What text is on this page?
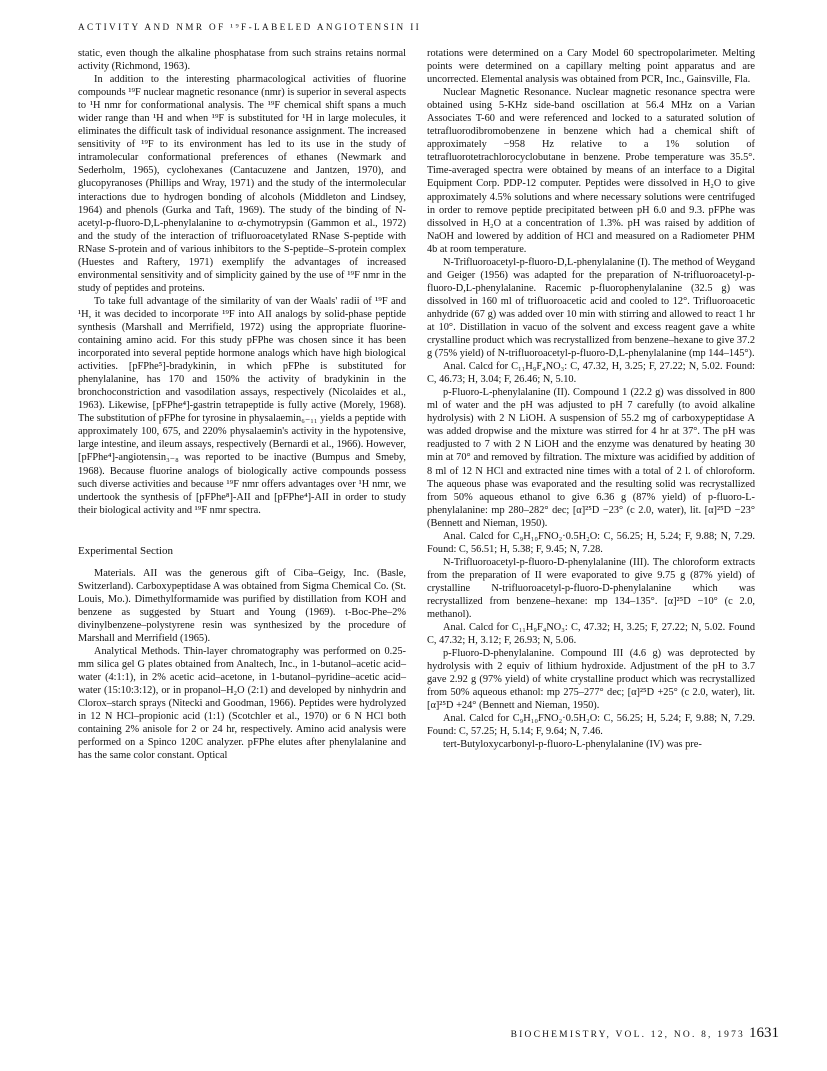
ACTIVITY AND NMR OF ¹⁹F-LABELED ANGIOTENSIN II

static, even though the alkaline phosphatase from such strains retains normal activity (Richmond, 1963).

In addition to the interesting pharmacological activities of fluorine compounds ¹⁹F nuclear magnetic resonance (nmr) is superior in several aspects to ¹H nmr for conformational analysis. The ¹⁹F chemical shift spans a much wider range than ¹H and when ¹⁹F is substituted for ¹H in large molecules, it eliminates the difficult task of individual resonance assignment. The increased sensitivity of ¹⁹F to its environment has led to its use in the study of intramolecular conformational preferences of ethanes (Newmark and Sederholm, 1965), cyclohexanes (Cantacuzene and Jantzen, 1970), and glucopyranoses (Phillips and Wray, 1971) and the study of the intermolecular interactions due to hydrogen bonding of alcohols (Middleton and Lindsey, 1964) and phenols (Gurka and Taft, 1969). The study of the binding of N-acetyl-p-fluoro-D,L-phenylalanine to α-chymotrypsin (Gammon et al., 1972) and the study of the interaction of trifluoroacetylated RNase S-peptide with RNase S-protein and of various inhibitors to the S-peptide–S-protein complex (Huestes and Raftery, 1971) exemplify the advantages of increased environmental sensitivity and of simplicity gained by the use of ¹⁹F nmr in the study of peptides and proteins.

To take full advantage of the similarity of van der Waals' radii of ¹⁹F and ¹H, it was decided to incorporate ¹⁹F into AII analogs by solid-phase peptide synthesis (Marshall and Merrifield, 1972) using the appropriate fluorine-containing amino acid. For this study pFPhe was chosen since it has been incorporated into several peptide hormone analogs which have high biological activities. [pFPhe⁵]-bradykinin, in which pFPhe is substituted for phenylalanine, has 170 and 150% the activity of bradykinin in the bronchoconstriction and vasodilation assays, respectively (Nicolaides et al., 1963). Likewise, [pFPhe⁴]-gastrin tetrapeptide is fully active (Morely, 1968). The substitution of pFPhe for tyrosine in physalaemin₆₋₁₁ yields a peptide with approximately 100, 675, and 220% physalaemin's activity in the hypotensive, large intestine, and ileum assays, respectively (Bernardi et al., 1966). However, [pFPhe⁴]-angiotensin₃₋₈ was reported to be inactive (Bumpus and Smeby, 1968). Because fluorine analogs of biologically active compounds possess such diverse activities and because ¹⁹F nmr offers advantages over ¹H nmr, we undertook the synthesis of [pFPhe⁸]-AII and [pFPhe⁴]-AII in order to study their biological activity and ¹⁹F nmr spectra.

Experimental Section

Materials. AII was the generous gift of Ciba–Geigy, Inc. (Basle, Switzerland). Carboxypeptidase A was obtained from Sigma Chemical Co. (St. Louis, Mo.). Dimethylformamide was purified by distillation from KOH and benzene as suggested by Stuart and Young (1969). t-Boc-Phe–2% divinylbenzene–polystyrene resin was synthesized by the procedure of Marshall and Merrifield (1965).

Analytical Methods. Thin-layer chromatography was performed on 0.25-mm silica gel G plates obtained from Analtech, Inc., in 1-butanol–acetic acid–water (4:1:1), in 2% acetic acid–acetone, in 1-butanol–pyridine–acetic acid–water (15:10:3:12), or in propanol–H₂O (2:1) and developed by ninhydrin and Clorox–starch sprays (Nitecki and Goodman, 1966). Peptides were hydrolyzed in 12 N HCl–propionic acid (1:1) (Scotchler et al., 1970) or 6 N HCl both containing 2% anisole for 2 or 24 hr, respectively. Amino acid analysis were performed on a Spinco 120C analyzer. pFPhe elutes after phenylalanine and has the same color constant. Optical

rotations were determined on a Cary Model 60 spectropolarimeter. Melting points were determined on a capillary melting point apparatus and are uncorrected. Elemental analysis was obtained from PCR, Inc., Gainsville, Fla.

Nuclear Magnetic Resonance. Nuclear magnetic resonance spectra were obtained using 5-KHz side-band oscillation at 56.4 MHz on a Varian Associates T-60 and were referenced and locked to a saturated solution of tetrafluorodibromobenzene in benzene which had a chemical shift of approximately −958 Hz relative to a 1% solution of tetrafluorotetrachlorocyclobutane in benzene. Probe temperature was 35.5°. Time-averaged spectra were obtained by means of an interface to a Digital Equipment Corp. PDP-12 computer. Peptides were dissolved in H₂O to give approximately 4.5% solutions and where necessary solutions were centrifuged in order to remove peptide precipitated between pH 6.0 and 9.3. pFPhe was dissolved in H₂O at a concentration of 1.3%. pH was raised by addition of NaOH and lowered by addition of HCl and measured on a Radiometer PHM 4b at room temperature.

N-Trifluoroacetyl-p-fluoro-D,L-phenylalanine (I). The method of Weygand and Geiger (1956) was adapted for the preparation of N-trifluoroacetyl-p-fluoro-D,L-phenylalanine. Racemic p-fluorophenylalanine (32.5 g) was dissolved in 160 ml of trifluoroacetic acid and cooled to 12°. Trifluoroacetic anhydride (67 g) was added over 10 min with stirring and allowed to react 1 hr at 10°. Distillation in vacuo of the solvent and excess reagent gave a white crystalline product which was recrystallized from benzene–hexane to give 37.2 g (75% yield) of N-trifluoroacetyl-p-fluoro-D,L-phenylalanine (mp 144–145°).

Anal. Calcd for C₁₁H₉F₄NO₃: C, 47.32, H, 3.25; F, 27.22; N, 5.02. Found: C, 46.73; H, 3.04; F, 26.46; N, 5.10.

p-Fluoro-L-phenylalanine (II). Compound 1 (22.2 g) was dissolved in 800 ml of water and the pH was adjusted to pH 7 carefully (to avoid alkaline hydrolysis) with 2 N LiOH. A suspension of 55.2 mg of carboxypeptidase A was added dropwise and the mixture was stirred for 4 hr at 37°. The pH was readjusted to 7 with 2 N LiOH and the enzyme was denatured by heating 30 min at 70° and removed by filtration. The mixture was acidified by addition of 8 ml of 12 N HCl and extracted nine times with a total of 2 l. of chloroform. The aqueous phase was evaporated and the resulting solid was recrystallized from 50% aqueous ethanol to give 6.36 g (87% yield) of p-fluoro-L-phenylalanine: mp 280–282° dec; [α]²⁵D −23° (c 2.0, water), lit. [α]²⁵D −23° (Bennett and Nieman, 1950).

Anal. Calcd for C₉H₁₀FNO₂·0.5H₂O: C, 56.25; H, 5.24; F, 9.88; N, 7.29. Found: C, 56.51; H, 5.38; F, 9.45; N, 7.28.

N-Trifluoroacetyl-p-fluoro-D-phenylalanine (III). The chloroform extracts from the preparation of II were evaporated to give 9.75 g (87% yield) of crystalline N-trifluoroacetyl-p-fluoro-D-phenylalanine which was recrystallized from benzene–hexane: mp 134–135°. [α]²⁵D −10° (c 2.0, methanol).

Anal. Calcd for C₁₁H₉F₄NO₃: C, 47.32; H, 3.25; F, 27.22; N, 5.02. Found C, 47.32; H, 3.12; F, 26.93; N, 5.06.

p-Fluoro-D-phenylalanine. Compound III (4.6 g) was deprotected by hydrolysis with 2 equiv of lithium hydroxide. Adjustment of the pH to 3.7 gave 2.92 g (97% yield) of white crystalline product which was recrystallized from 50% aqueous ethanol: mp 275–277° dec; [α]²⁵D +25° (c 2.0, water), lit. [α]²⁵D +24° (Bennett and Nieman, 1950).

Anal. Calcd for C₉H₁₀FNO₂·0.5H₂O: C, 56.25; H, 5.24; F, 9.88; N, 7.29. Found: C, 57.25; H, 5.14; F, 9.64; N, 7.46.

tert-Butyloxycarbonyl-p-fluoro-L-phenylalanine (IV) was pre-

BIOCHEMISTRY, VOL. 12, NO. 8, 1973 1631
